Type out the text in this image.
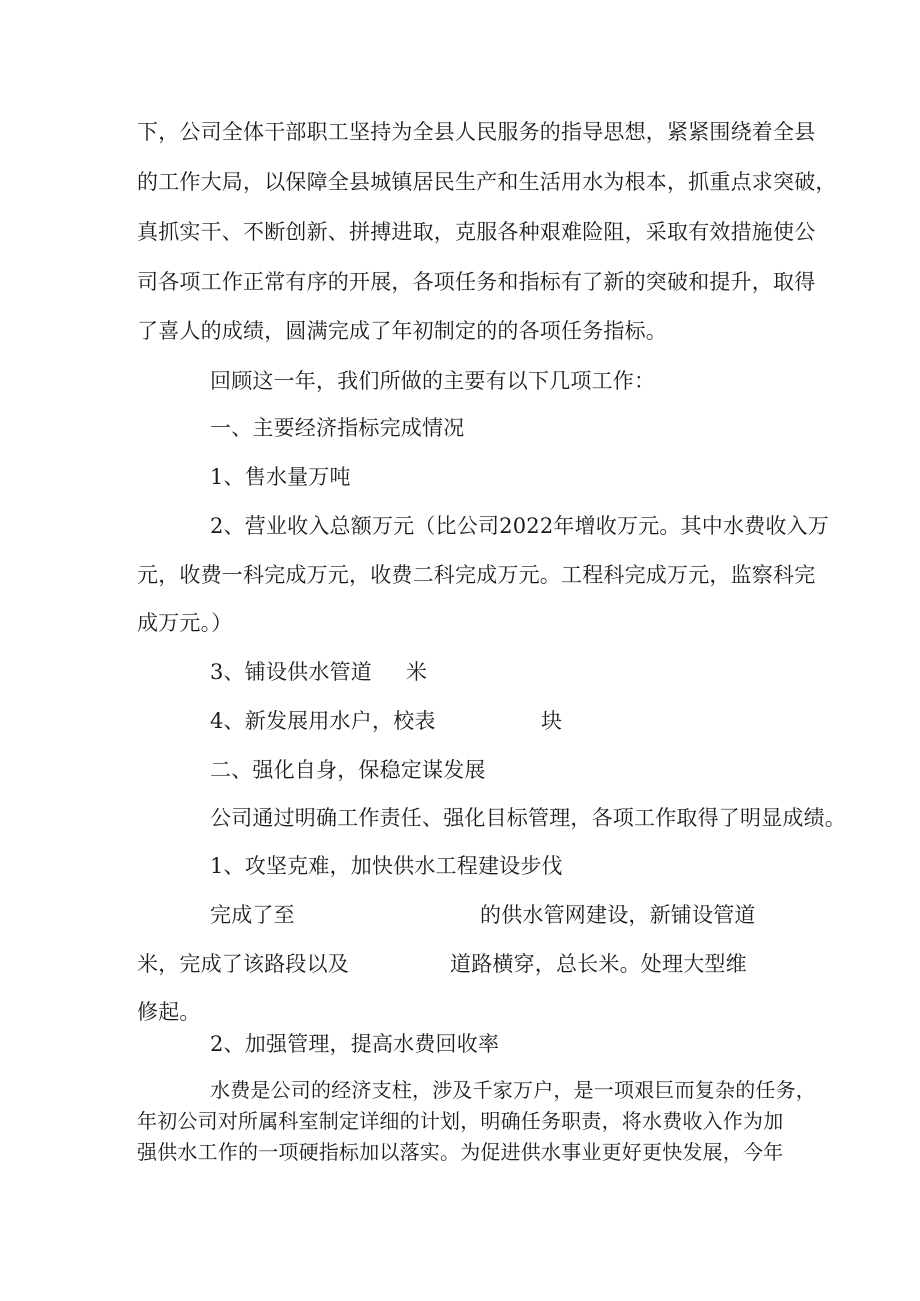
下，公司全体干部职工坚持为全县人民服务的指导思想，紧紧围绕着全县
的工作大局，以保障全县城镇居民生产和生活用水为根本，抓重点求突破，
真抓实干、不断创新、拼搏进取，克服各种艰难险阻，采取有效措施使公
司各项工作正常有序的开展，各项任务和指标有了新的突破和提升，取得
了喜人的成绩，圆满完成了年初制定的的各项任务指标。
回顾这一年，我们所做的主要有以下几项工作：
一、主要经济指标完成情况
1、售水量万吨
2、营业收入总额万元（比公司2022年增收万元。其中水费收入万
元，收费一科完成万元，收费二科完成万元。工程科完成万元，监察科完
成万元。）
3、铺设供水管道 米
4、新发展用水户，校表	块
二、强化自身，保稳定谋发展
公司通过明确工作责任、强化目标管理，各项工作取得了明显成绩。
1、攻坚克难，加快供水工程建设步伐
完成了至	的供水管网建设，新铺设管道
米，完成了该路段以及	道路横穿，总长米。处理大型维
修起。
2、加强管理，提高水费回收率
水费是公司的经济支柱，涉及千家万户，是一项艰巨而复杂的任务，
年初公司对所属科室制定详细的计划，明确任务职责，将水费收入作为加
强供水工作的一项硬指标加以落实。为促进供水事业更好更快发展，今年
